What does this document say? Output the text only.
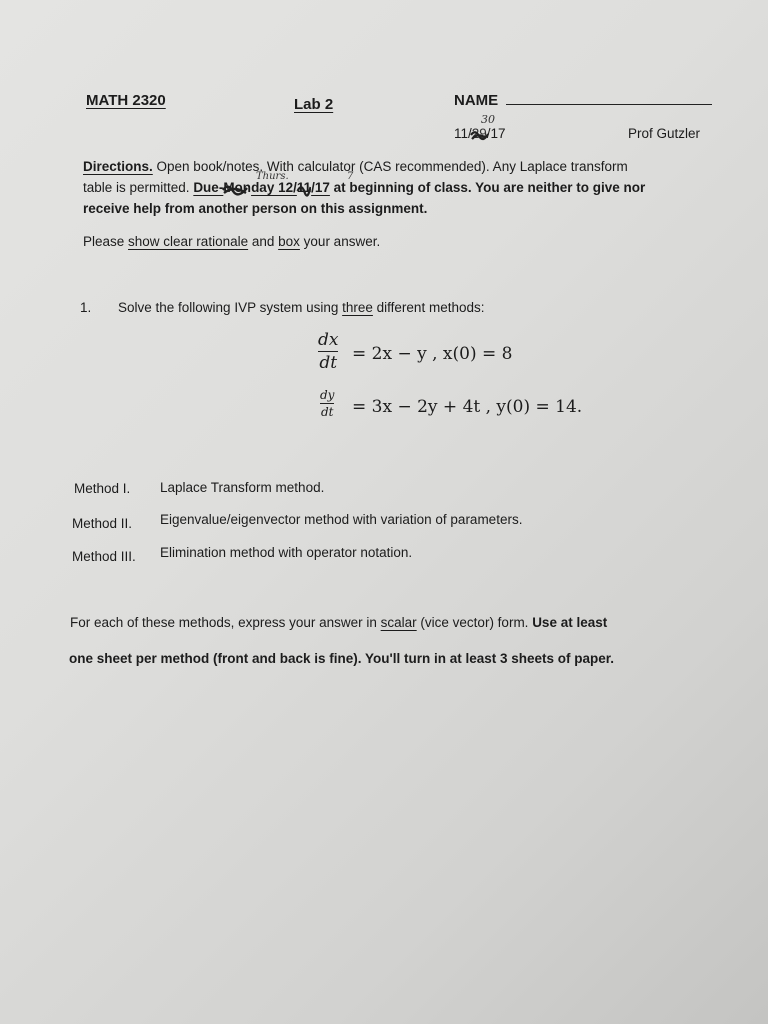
MATH 2320	Lab 2	NAME
30
11/29
/17	Prof Gutzler
Directions. Open book/notes. With calculator (CAS recommended). Any Laplace transform
Thurs.	7
table is permitted. Due-Mon
day 12/11
/17 at beginning of class. You are neither to give nor
receive help from another person on this assignment.
Please show clear rationale and box your answer.
1. Solve the following IVP system using three different methods:
dx
dt = 2x − y , x(0) = 8
dy
dt = 3x − 2y + 4t , y(0) = 14.
Method I. Laplace Transform method.
Method II. Eigenvalue/eigenvector method with variation of parameters.
Method III. Elimination method with operator notation.
For each of these methods, express your answer in scalar (vice vector) form. Use at least
one sheet per method (front and back is fine). You'll turn in at least 3 sheets of paper.
